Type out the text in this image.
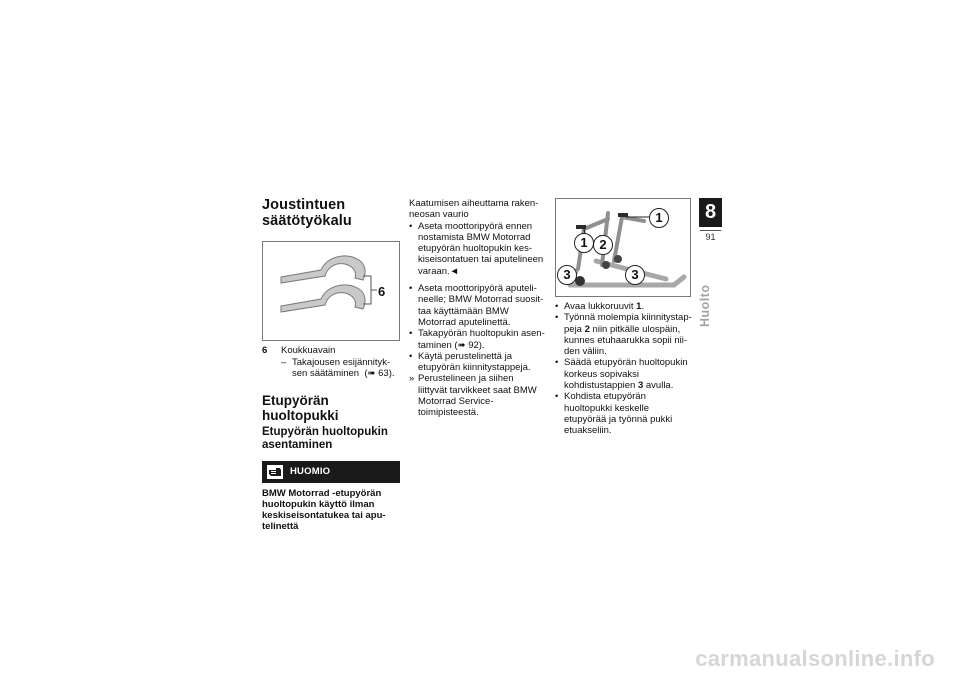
Joustintuen säätötyökalu
6
6	Koukkuavain
– Takajousen esijännityk-
sen säätäminen (➠ 63).
Etupyörän huoltopukki
Etupyörän huoltopukin asentaminen
HUOMIO
BMW Motorrad -etupyörän huoltopukin käyttö ilman keskiseisontatukea tai aputelinettä

Kaatumisen aiheuttama rakenneosan vaurio

• Aseta moottoripyörä ennen nostamista BMW Motorrad etupyörän huoltopukin keskiseisontatuen tai aputelineen varaan.◄
• Aseta moottoripyörä aputelineelle; BMW Motorrad suosittaa käyttämään BMW Motorrad aputelinettä.
• Takapyörän huoltopukin asentaminen (➠ 92).
• Käytä perustelinettä ja etupyörän kiinnitystappeja.
» Perustelineen ja siihen liittyvät tarvikkeet saat BMW Motorrad Service-toimipisteestä.
1
1 2
3	3
• Avaa lukkoruuvit 1.
• Työnnä molempia kiinnitystappeja 2 niin pitkälle ulospäin, kunnes etuhaarukka sopii niiden väliin.
• Säädä etupyörän huoltopukin korkeus sopivaksi kohdistustappien 3 avulla.
• Kohdista etupyörän huoltopukki keskelle etupyörää ja työnnä pukki etuakseliin.
8
91
Huolto
carmanualsonline.info
